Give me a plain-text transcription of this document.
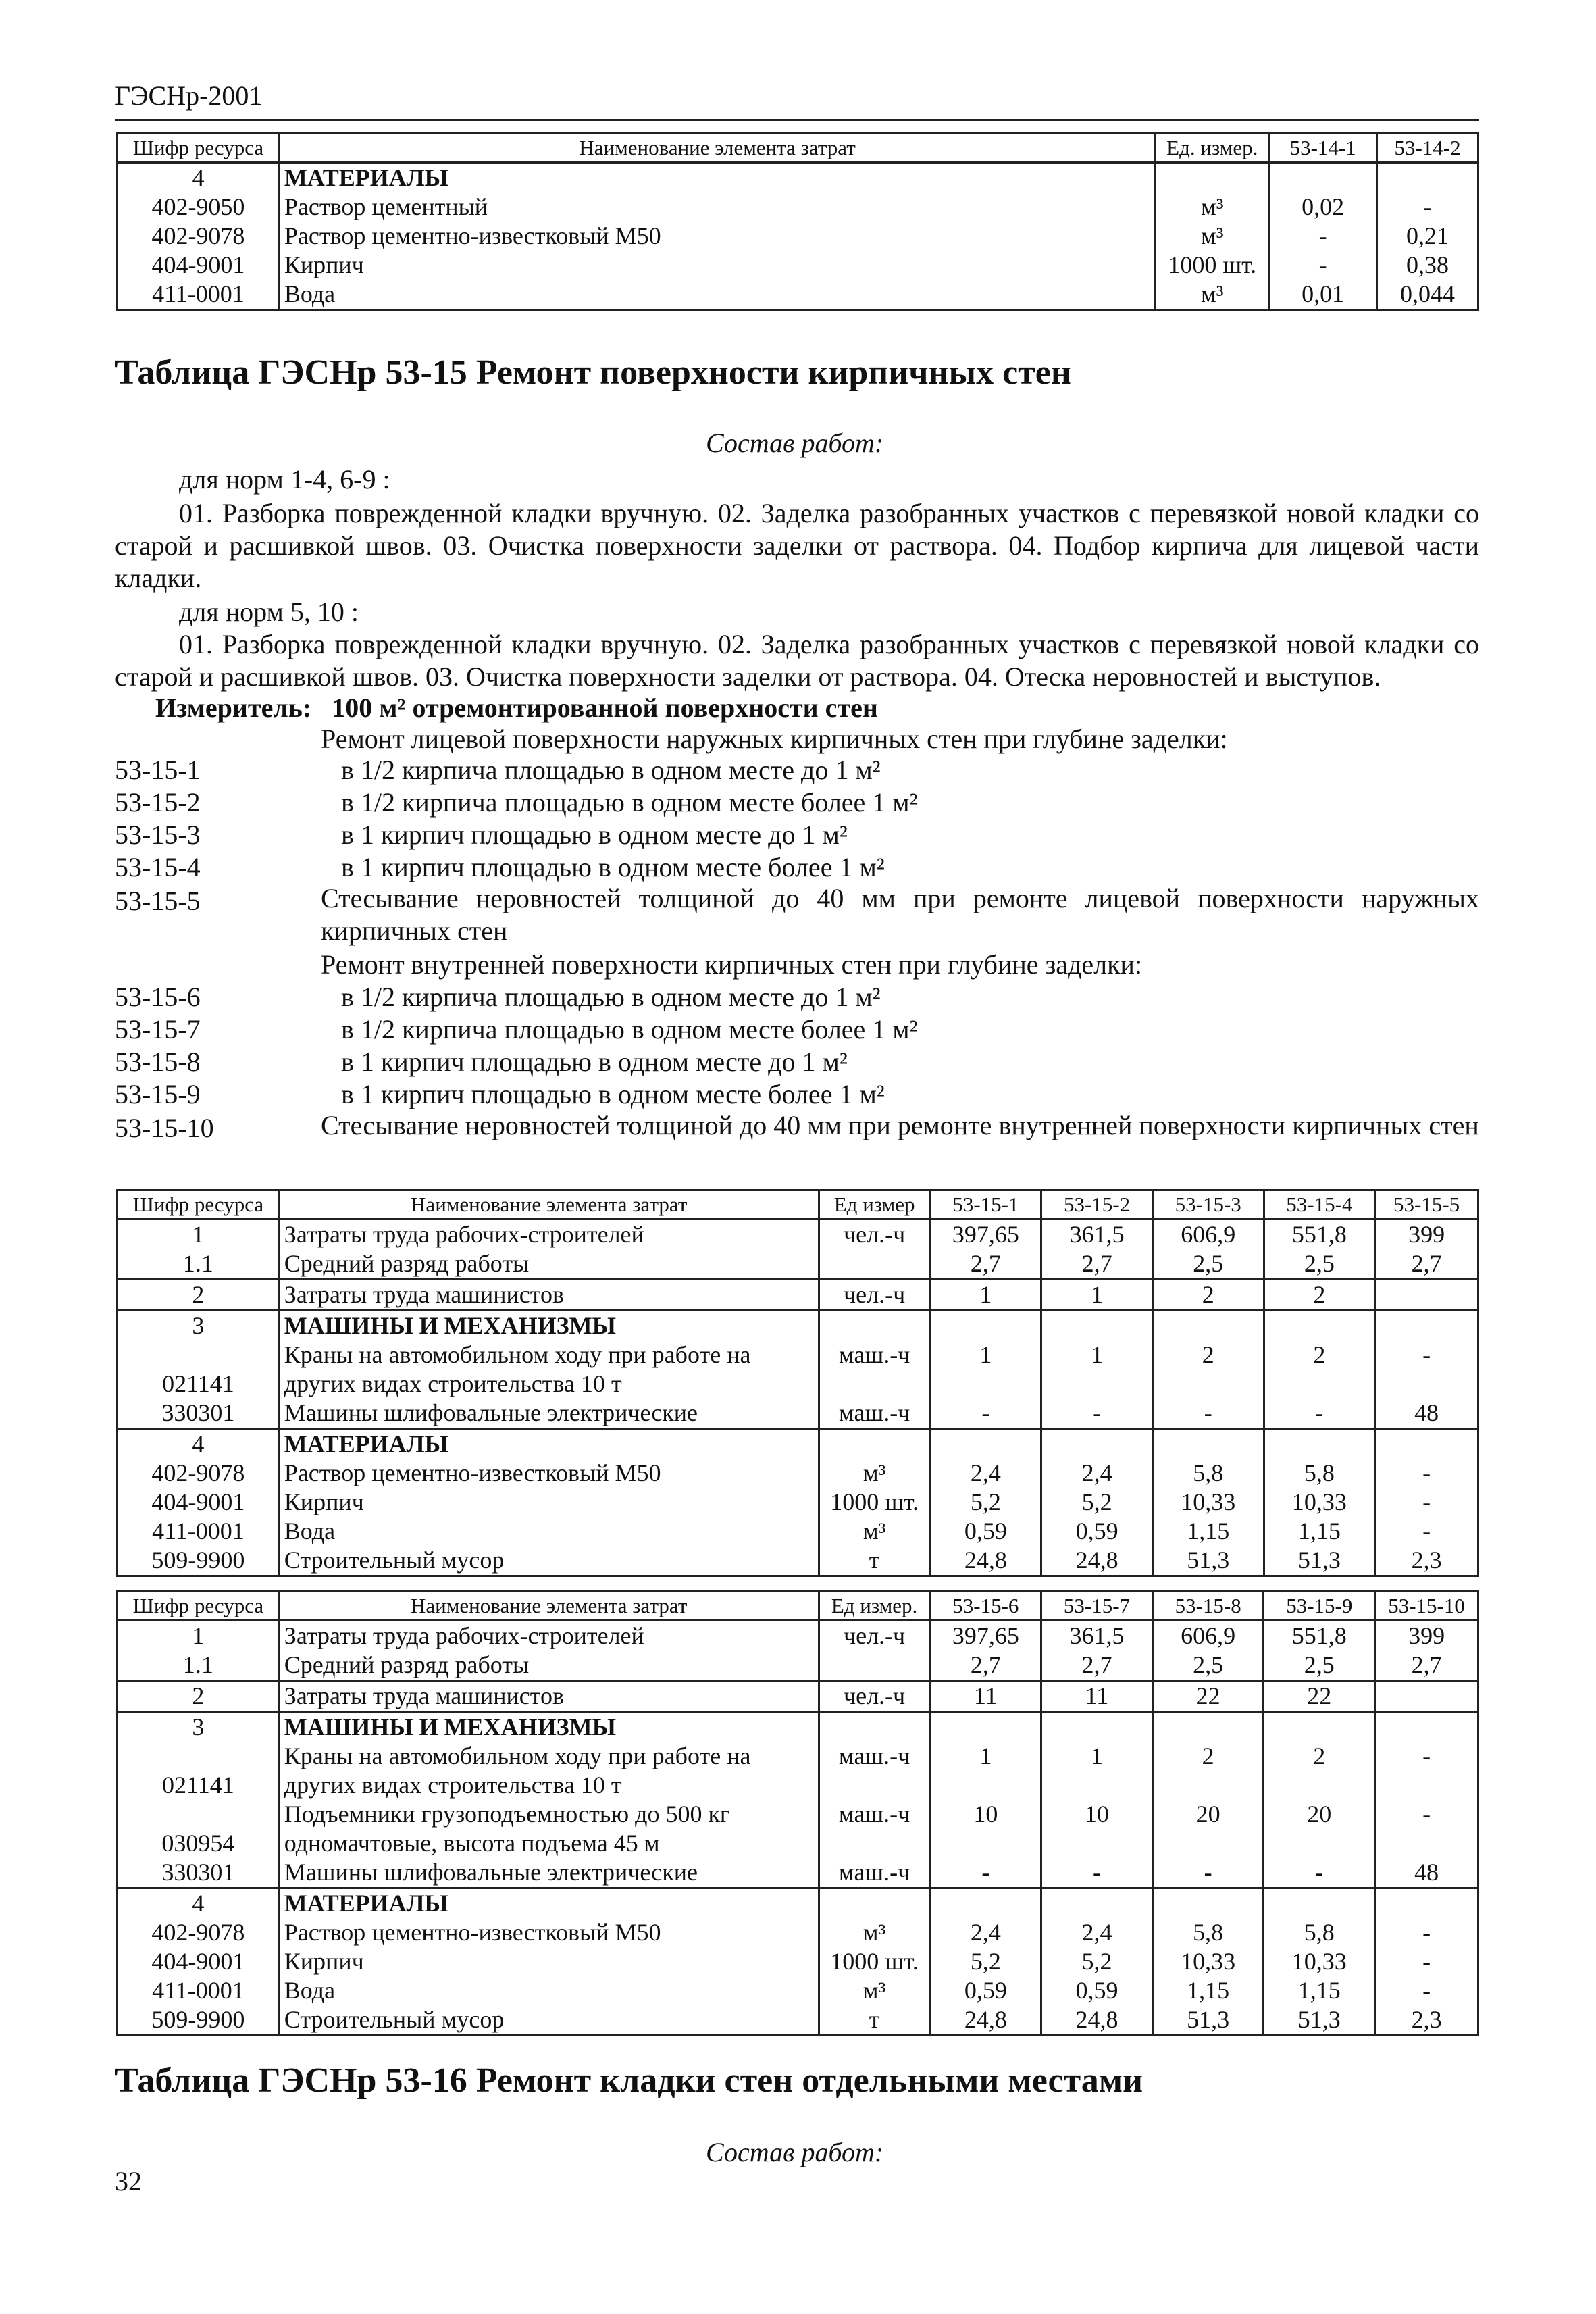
ГЭСНр-2001
Шифр ресурса	Наименование элемента затрат	Ед. измер.	53-14-1	53-14-2
4	МАТЕРИАЛЫ			
402-9050	Раствор цементный	м³	0,02	-
402-9078	Раствор цементно-известковый М50	м³	-	0,21
404-9001	Кирпич	1000 шт.	-	0,38
411-0001	Вода	м³	0,01	0,044
Таблица ГЭСНр 53-15 Ремонт поверхности кирпичных стен
Состав работ:
для норм 1-4, 6-9 :
01. Разборка поврежденной кладки вручную. 02. Заделка разобранных участков с перевязкой новой кладки со старой и расшивкой швов. 03. Очистка поверхности заделки от раствора. 04. Подбор кирпича для лицевой части кладки.
для норм 5, 10 :
01. Разборка поврежденной кладки вручную. 02. Заделка разобранных участков с перевязкой новой кладки со старой и расшивкой швов. 03. Очистка поверхности заделки от раствора. 04. Отеска неровностей и выступов.
Измеритель: 100 м² отремонтированной поверхности стен
Ремонт лицевой поверхности наружных кирпичных стен при глубине заделки:
53-15-1	в 1/2 кирпича площадью в одном месте до 1 м²
53-15-2	в 1/2 кирпича площадью в одном месте более 1 м²
53-15-3	в 1 кирпич площадью в одном месте до 1 м²
53-15-4	в 1 кирпич площадью в одном месте более 1 м²
53-15-5	Стесывание неровностей толщиной до 40 мм при ремонте лицевой поверхности наружных кирпичных стен
Ремонт внутренней поверхности кирпичных стен при глубине заделки:
53-15-6	в 1/2 кирпича площадью в одном месте до 1 м²
53-15-7	в 1/2 кирпича площадью в одном месте более 1 м²
53-15-8	в 1 кирпич площадью в одном месте до 1 м²
53-15-9	в 1 кирпич площадью в одном месте более 1 м²
53-15-10	Стесывание неровностей толщиной до 40 мм при ремонте внутренней поверхности кирпичных стен
Шифр ресурса	Наименование элемента затрат	Ед измер	53-15-1	53-15-2	53-15-3	53-15-4	53-15-5
1	Затраты труда рабочих-строителей	чел.-ч	397,65	361,5	606,9	551,8	399
1.1	Средний разряд работы		2,7	2,7	2,5	2,5	2,7
2	Затраты труда машинистов	чел.-ч	1	1	2	2	
3	МАШИНЫ И МЕХАНИЗМЫ						
021141	Краны на автомобильном ходу при работе на других видах строительства 10 т	маш.-ч	1	1	2	2	-
330301	Машины шлифовальные электрические	маш.-ч	-	-	-	-	48
4	МАТЕРИАЛЫ						
402-9078	Раствор цементно-известковый М50	м³	2,4	2,4	5,8	5,8	-
404-9001	Кирпич	1000 шт.	5,2	5,2	10,33	10,33	-
411-0001	Вода	м³	0,59	0,59	1,15	1,15	-
509-9900	Строительный мусор	т	24,8	24,8	51,3	51,3	2,3
Шифр ресурса	Наименование элемента затрат	Ед измер.	53-15-6	53-15-7	53-15-8	53-15-9	53-15-10
1	Затраты труда рабочих-строителей	чел.-ч	397,65	361,5	606,9	551,8	399
1.1	Средний разряд работы		2,7	2,7	2,5	2,5	2,7
2	Затраты труда машинистов	чел.-ч	11	11	22	22	
3	МАШИНЫ И МЕХАНИЗМЫ						
021141	Краны на автомобильном ходу при работе на других видах строительства 10 т	маш.-ч	1	1	2	2	-
030954	Подъемники грузоподъемностью до 500 кг одномачтовые, высота подъема 45 м	маш.-ч	10	10	20	20	-
330301	Машины шлифовальные электрические	маш.-ч	-	-	-	-	48
4	МАТЕРИАЛЫ						
402-9078	Раствор цементно-известковый М50	м³	2,4	2,4	5,8	5,8	-
404-9001	Кирпич	1000 шт.	5,2	5,2	10,33	10,33	-
411-0001	Вода	м³	0,59	0,59	1,15	1,15	-
509-9900	Строительный мусор	т	24,8	24,8	51,3	51,3	2,3
Таблица ГЭСНр 53-16 Ремонт кладки стен отдельными местами
Состав работ:
32
